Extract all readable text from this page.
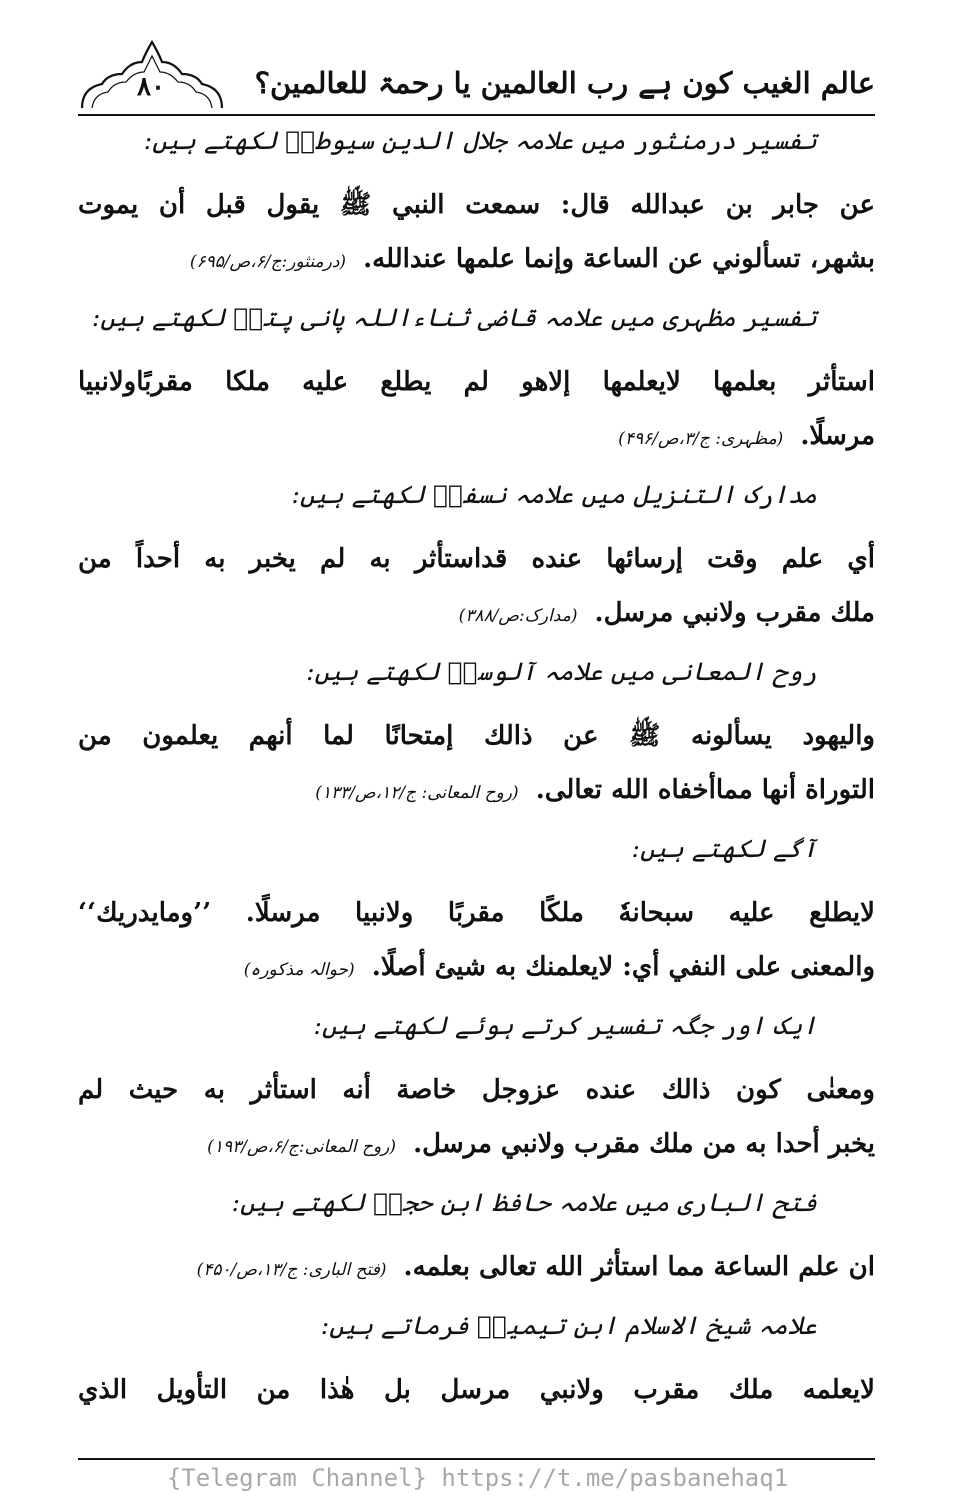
۸۰	عالم الغیب کون ہے رب العالمین یا رحمۃ للعالمین؟
تفسیر درمنثور میں علامہ جلال الدین سیوطیؒ لکھتے ہیں:
عن جابر بن عبدالله قال: سمعت النبي ﷺ يقول قبل أن يموت
بشهر، تسألوني عن الساعة وإنما علمها عندالله. (درمنثور:ج/۶،ص/۶۹۵)
تفسیر مظہری میں علامہ قاضی ثناءاللہ پانی پتیؒ لکھتے ہیں:
استأثر بعلمها لايعلمها إلاهو لم يطلع عليه ملكا مقربًاولانبيا
مرسلًا. (مظہری: ج/۳،ص/۴۹۶)
مدارک التنزیل میں علامہ نسفیؒ لکھتے ہیں:
أي علم وقت إرسائها عنده قداستأثر به لم يخبر به أحداً من
ملك مقرب ولانبي مرسل. (مدارک:ص/۳۸۸)
روح المعانی میں علامہ آلوسیؒ لکھتے ہیں:
واليهود يسألونه ﷺ عن ذالك إمتحانًا لما أنهم يعلمون من
التوراة أنها مماأخفاه الله تعالى. (روح المعانی: ج/۱۲،ص/۱۳۳)
آگے لکھتے ہیں:
لايطلع عليه سبحانهٗ ملكًا مقربًا ولانبيا مرسلًا. ’’ومايدريك‘‘
والمعنى على النفي أي: لايعلمنك به شيئ أصلًا. (حوالہ مذکورہ)
ایک اور جگہ تفسیر کرتے ہوئے لکھتے ہیں:
ومعنٰى كون ذالك عنده عزوجل خاصة أنه استأثر به حيث لم
يخبر أحدا به من ملك مقرب ولانبي مرسل. (روح المعانی:ج/۶،ص/۱۹۳)
فتح الباری میں علامہ حافظ ابن حجرؒ لکھتے ہیں:
ان علم الساعة مما استأثر الله تعالى بعلمه. (فتح الباری: ج/۱۳،ص/۴۵۰)
علامہ شیخ الاسلام ابن تیمیہؒ فرماتے ہیں:
لايعلمه ملك مقرب ولانبي مرسل بل هٰذا من التأويل الذي
{Telegram Channel} https://t.me/pasbanehaq1
